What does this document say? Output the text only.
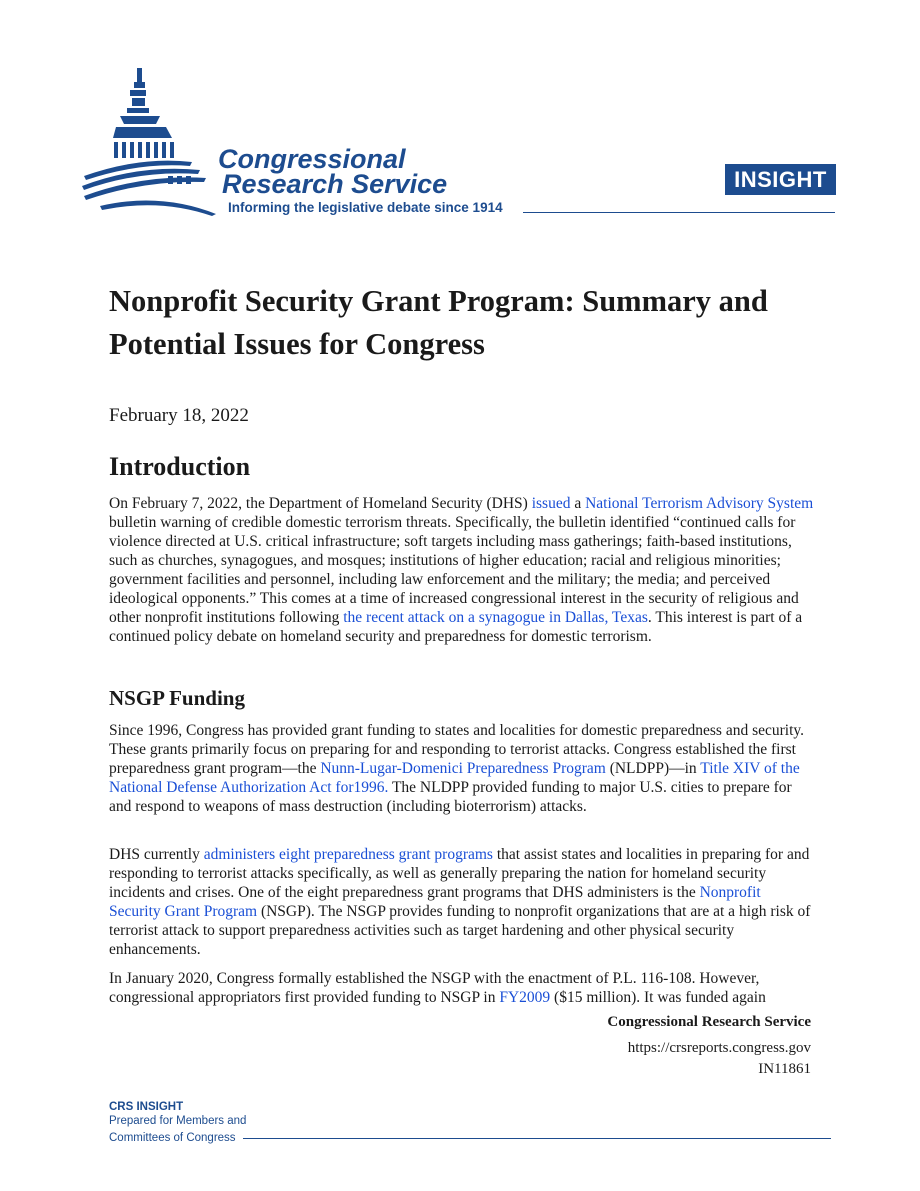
Congressional
Research Service
Informing the legislative debate since 1914
INSIGHT
Nonprofit Security Grant Program: Summary and Potential Issues for Congress
February 18, 2022
Introduction

On February 7, 2022, the Department of Homeland Security (DHS) issued a National Terrorism Advisory System bulletin warning of credible domestic terrorism threats. Specifically, the bulletin identified “continued calls for violence directed at U.S. critical infrastructure; soft targets including mass gatherings; faith-based institutions, such as churches, synagogues, and mosques; institutions of higher education; racial and religious minorities; government facilities and personnel, including law enforcement and the military; the media; and perceived ideological opponents.” This comes at a time of increased congressional interest in the security of religious and other nonprofit institutions following the recent attack on a synagogue in Dallas, Texas. This interest is part of a continued policy debate on homeland security and preparedness for domestic terrorism.

NSGP Funding

Since 1996, Congress has provided grant funding to states and localities for domestic preparedness and security. These grants primarily focus on preparing for and responding to terrorist attacks. Congress established the first preparedness grant program—the Nunn-Lugar-Domenici Preparedness Program (NLDPP)—in Title XIV of the National Defense Authorization Act for1996. The NLDPP provided funding to major U.S. cities to prepare for and respond to weapons of mass destruction (including bioterrorism) attacks.

DHS currently administers eight preparedness grant programs that assist states and localities in preparing for and responding to terrorist attacks specifically, as well as generally preparing the nation for homeland security incidents and crises. One of the eight preparedness grant programs that DHS administers is the Nonprofit Security Grant Program (NSGP). The NSGP provides funding to nonprofit organizations that are at a high risk of terrorist attack to support preparedness activities such as target hardening and other physical security enhancements.

In January 2020, Congress formally established the NSGP with the enactment of P.L. 116-108. However, congressional appropriators first provided funding to NSGP in FY2009 ($15 million). It was funded again

Congressional Research Service
https://crsreports.congress.gov
IN11861
CRS INSIGHT
Prepared for Members and
Committees of Congress
